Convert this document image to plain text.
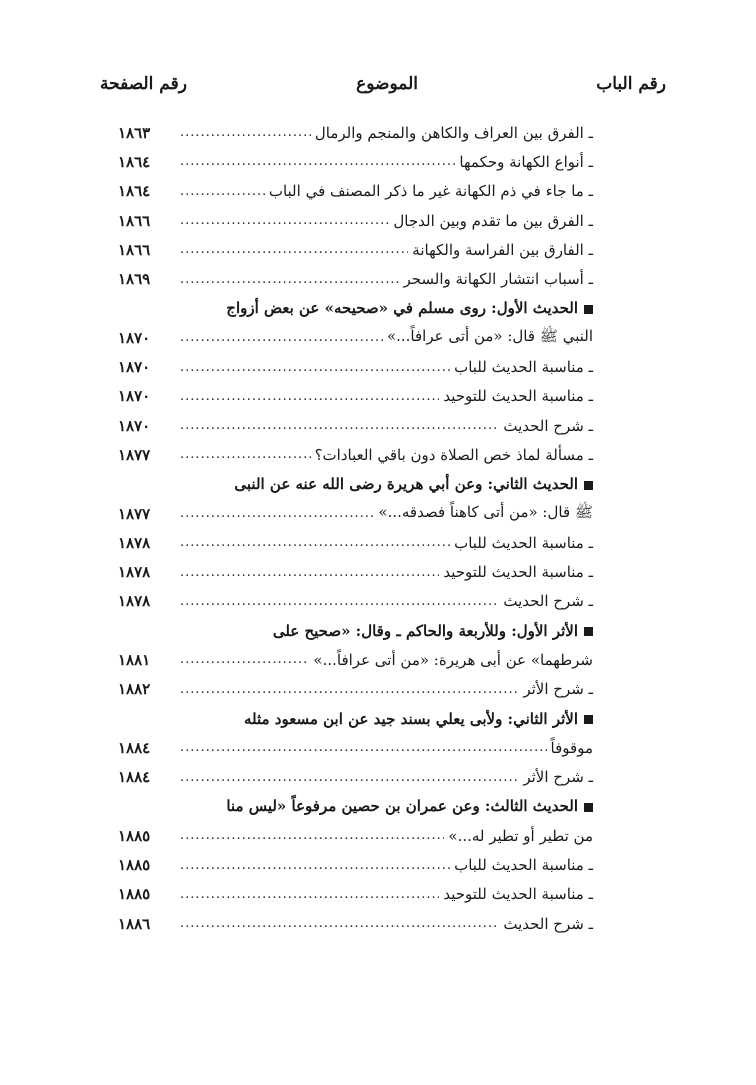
رقم الباب
الموضوع
رقم الصفحة
ـ الفرق بين العراف والكاهن والمنجم والرمال
.....
١٨٦٣
ـ أنواع الكهانة وحكمها
.....
١٨٦٤
ـ ما جاء في ذم الكهانة غير ما ذكر المصنف في الباب
.....
١٨٦٤
ـ الفرق بين ما تقدم وبين الدجال
.....
١٨٦٦
ـ الفارق بين الفراسة والكهانة
.....
١٨٦٦
ـ أسباب انتشار الكهانة والسحر
.....
١٨٦٩
الحديث الأول: روى مسلم في «صحيحه» عن بعض أزواج
النبي ﷺ قال: «من أتى عرافاً...»
.....
١٨٧٠
ـ مناسبة الحديث للباب
.....
١٨٧٠
ـ مناسبة الحديث للتوحيد
.....
١٨٧٠
ـ شرح الحديث
.....
١٨٧٠
ـ مسألة لماذ خص الصلاة دون باقي العبادات؟
.....
١٨٧٧
الحديث الثاني: وعن أبي هريرة رضى الله عنه عن النبى
ﷺ قال: «من أتى كاهناً فصدقه...»
.....
١٨٧٧
ـ مناسبة الحديث للباب
.....
١٨٧٨
ـ مناسبة الحديث للتوحيد
.....
١٨٧٨
ـ شرح الحديث
.....
١٨٧٨
الأثر الأول: وللأربعة والحاكم ـ وقال: «صحيح على
شرطهما» عن أبى هريرة: «من أتى عرافاً...»
.....
١٨٨١
ـ شرح الأثر
.....
١٨٨٢
الأثر الثاني: ولأبى يعلي بسند جيد عن ابن مسعود مثله
موقوفاً
.....
١٨٨٤
ـ شرح الأثر
.....
١٨٨٤
الحديث الثالث: وعن عمران بن حصين مرفوعاً «ليس منا
من تطير أو تطير له...»
.....
١٨٨٥
ـ مناسبة الحديث للباب
.....
١٨٨٥
ـ مناسبة الحديث للتوحيد
.....
١٨٨٥
ـ شرح الحديث
.....
١٨٨٦
